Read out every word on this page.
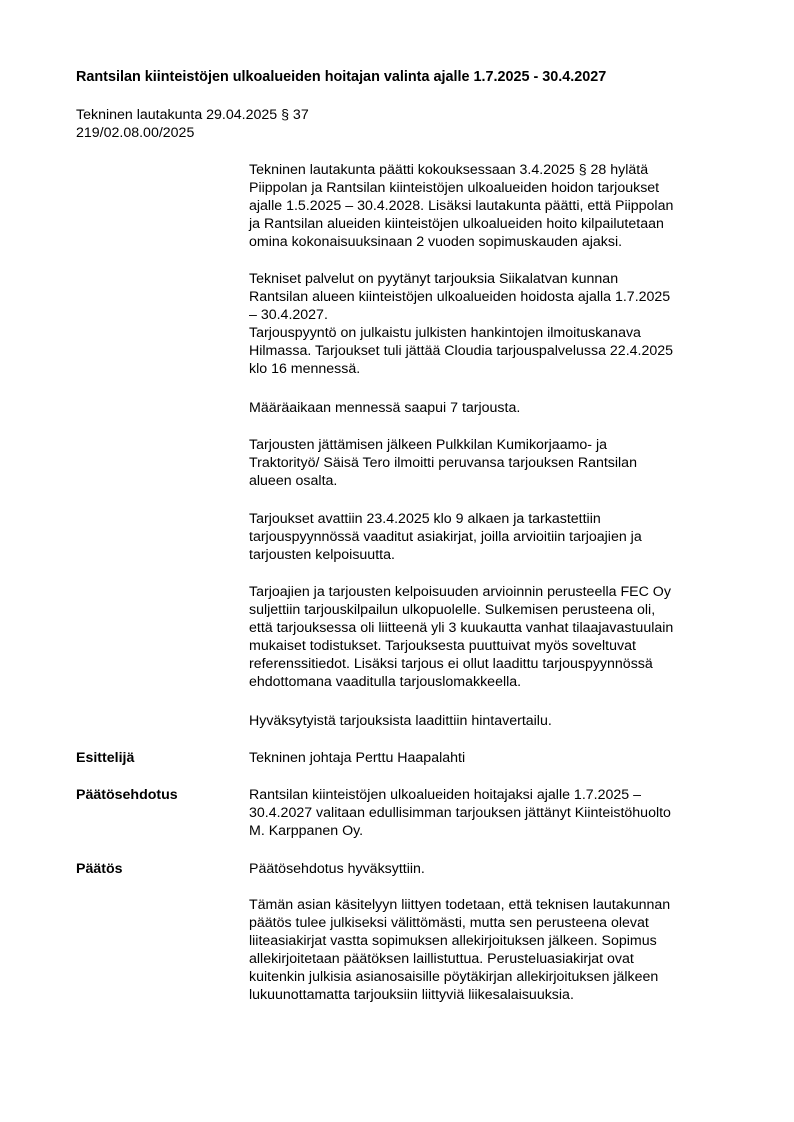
Rantsilan kiinteistöjen ulkoalueiden hoitajan valinta ajalle 1.7.2025 - 30.4.2027
Tekninen lautakunta 29.04.2025 § 37
219/02.08.00/2025
Tekninen lautakunta päätti kokouksessaan 3.4.2025 § 28 hylätä
Piippolan ja Rantsilan kiinteistöjen ulkoalueiden hoidon tarjoukset
ajalle 1.5.2025 – 30.4.2028. Lisäksi lautakunta päätti, että Piippolan
ja Rantsilan alueiden kiinteistöjen ulkoalueiden hoito kilpailutetaan
omina kokonaisuuksinaan 2 vuoden sopimuskauden ajaksi.
Tekniset palvelut on pyytänyt tarjouksia Siikalatvan kunnan
Rantsilan alueen kiinteistöjen ulkoalueiden hoidosta ajalla 1.7.2025
– 30.4.2027.
Tarjouspyyntö on julkaistu julkisten hankintojen ilmoituskanava
Hilmassa. Tarjoukset tuli jättää Cloudia tarjouspalvelussa 22.4.2025
klo 16 mennessä.
Määräaikaan mennessä saapui 7 tarjousta.
Tarjousten jättämisen jälkeen Pulkkilan Kumikorjaamo- ja
Traktorityö/ Säisä Tero ilmoitti peruvansa tarjouksen Rantsilan
alueen osalta.
Tarjoukset avattiin 23.4.2025 klo 9 alkaen ja tarkastettiin
tarjouspyynnössä vaaditut asiakirjat, joilla arvioitiin tarjoajien ja
tarjousten kelpoisuutta.
Tarjoajien ja tarjousten kelpoisuuden arvioinnin perusteella FEC Oy
suljettiin tarjouskilpailun ulkopuolelle. Sulkemisen perusteena oli,
että tarjouksessa oli liitteenä yli 3 kuukautta vanhat tilaajavastuulain
mukaiset todistukset. Tarjouksesta puuttuivat myös soveltuvat
referenssitiedot. Lisäksi tarjous ei ollut laadittu tarjouspyynnössä
ehdottomana vaaditulla tarjouslomakkeella.
Hyväksytyistä tarjouksista laadittiin hintavertailu.
Esittelijä	Tekninen johtaja Perttu Haapalahti
Päätösehdotus	Rantsilan kiinteistöjen ulkoalueiden hoitajaksi ajalle 1.7.2025 –
30.4.2027 valitaan edullisimman tarjouksen jättänyt Kiinteistöhuolto
M. Karppanen Oy.
Päätös	Päätösehdotus hyväksyttiin.
Tämän asian käsitelyyn liittyen todetaan, että teknisen lautakunnan
päätös tulee julkiseksi välittömästi, mutta sen perusteena olevat
liiteasiakirjat vastta sopimuksen allekirjoituksen jälkeen. Sopimus
allekirjoitetaan päätöksen laillistuttua. Perusteluasiakirjat ovat
kuitenkin julkisia asianosaisille pöytäkirjan allekirjoituksen jälkeen
lukuunottamatta tarjouksiin liittyviä liikesalaisuuksia.
